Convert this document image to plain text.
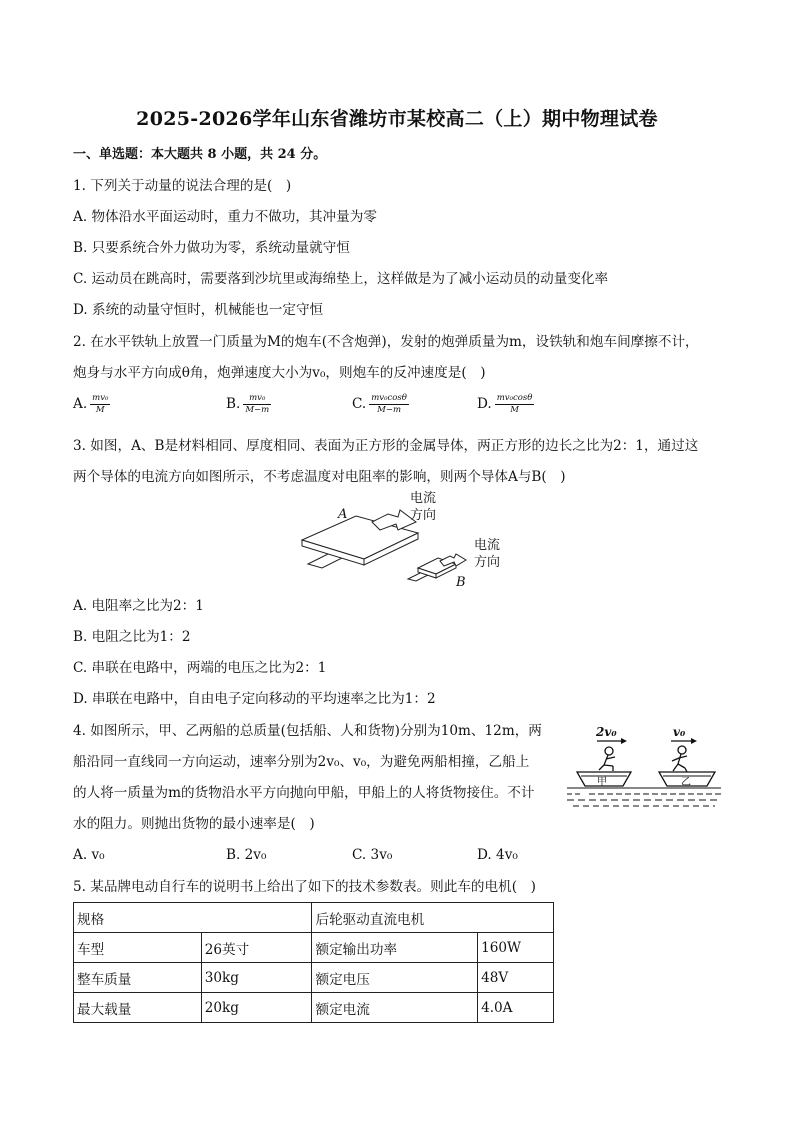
2025-2026学年山东省潍坊市某校高二（上）期中物理试卷
一、单选题：本大题共 8 小题，共 24 分。
1. 下列关于动量的说法合理的是(　)
A. 物体沿水平面运动时，重力不做功，其冲量为零
B. 只要系统合外力做功为零，系统动量就守恒
C. 运动员在跳高时，需要落到沙坑里或海绵垫上，这样做是为了减小运动员的动量变化率
D. 系统的动量守恒时，机械能也一定守恒
2. 在水平铁轨上放置一门质量为M的炮车(不含炮弹)，发射的炮弹质量为m，设铁轨和炮车间摩擦不计，
炮身与水平方向成θ角，炮弹速度大小为v₀，则炮车的反冲速度是(　)
A. $\frac{\text{mv₀}}{M}$	B. $\frac{\text{mv₀}}{M-m}$	C. $\frac{\text{mv₀cosθ}}{M-m}$	D. $\frac{\text{mv₀cosθ}}{M}$
3. 如图，A、B是材料相同、厚度相同、表面为正方形的金属导体，两正方形的边长之比为2：1，通过这
两个导体的电流方向如图所示，不考虑温度对电阻率的影响，则两个导体A与B(　)
A
电流
方向
B
电流
方向
A. 电阻率之比为2：1
B. 电阻之比为1：2
C. 串联在电路中，两端的电压之比为2：1
D. 串联在电路中，自由电子定向移动的平均速率之比为1：2
4. 如图所示，甲、乙两船的总质量(包括船、人和货物)分别为10m、12m，两
船沿同一直线同一方向运动，速率分别为2v₀、v₀，为避免两船相撞，乙船上
的人将一质量为m的货物沿水平方向抛向甲船，甲船上的人将货物接住。不计
水的阻力。则抛出货物的最小速率是(　)
2v₀	v₀
甲	乙
A. v₀	B. 2v₀	C. 3v₀	D. 4v₀
5. 某品牌电动自行车的说明书上给出了如下的技术参数表。则此车的电机(　)
规格		后轮驱动直流电机	
车型	26英寸	额定输出功率	160W
整车质量	30kg	额定电压	48V
最大载量	20kg	额定电流	4.0A
